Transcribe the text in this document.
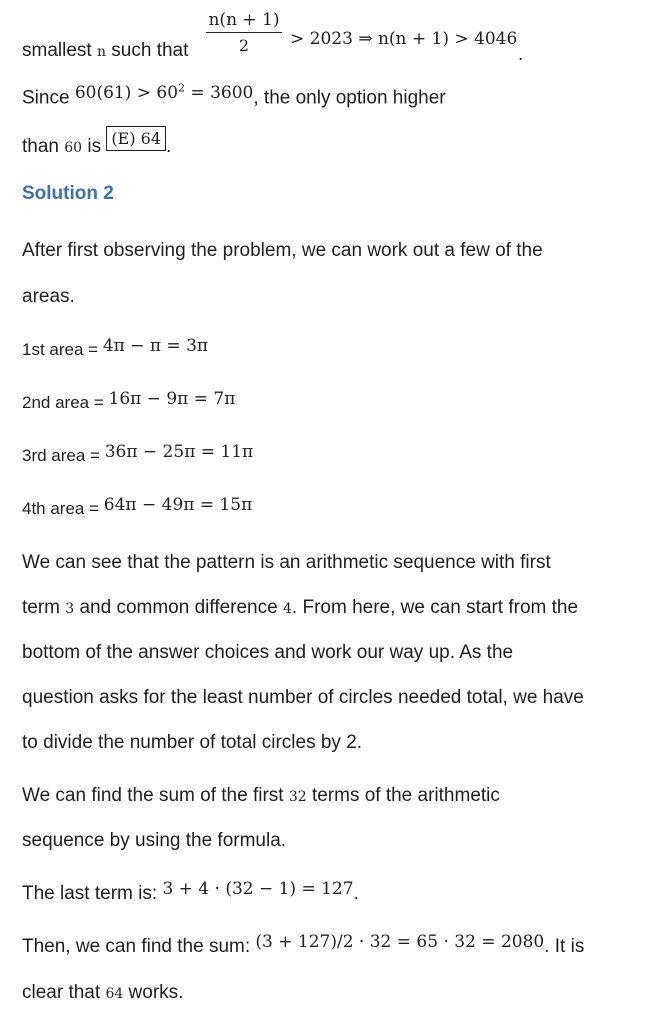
smallest n such that
n(n + 1)
2	> 2023 ⇒ n(n + 1) > 4046
.
Since $60(61) > 60^2 = 3600$, the only option higher
than 60 is $^{(E) 64}$ .
Solution 2
After first observing the problem, we can work out a few of the
areas.
1st area = 4π − π = 3π
2nd area = 16π − 9π = 7π
3rd area = 36π − 25π = 11π
4th area = 64π − 49π = 15π
We can see that the pattern is an arithmetic sequence with first
term 3 and common difference 4. From here, we can start from the
bottom of the answer choices and work our way up. As the
question asks for the least number of circles needed total, we have
to divide the number of total circles by 2.
We can find the sum of the first 32 terms of the arithmetic
sequence by using the formula.
The last term is: 3 + 4 · (32 − 1) = 127.
Then, we can find the sum: (3 + 127)/2 · 32 = 65 · 32 = 2080. It is
clear that 64 works.
